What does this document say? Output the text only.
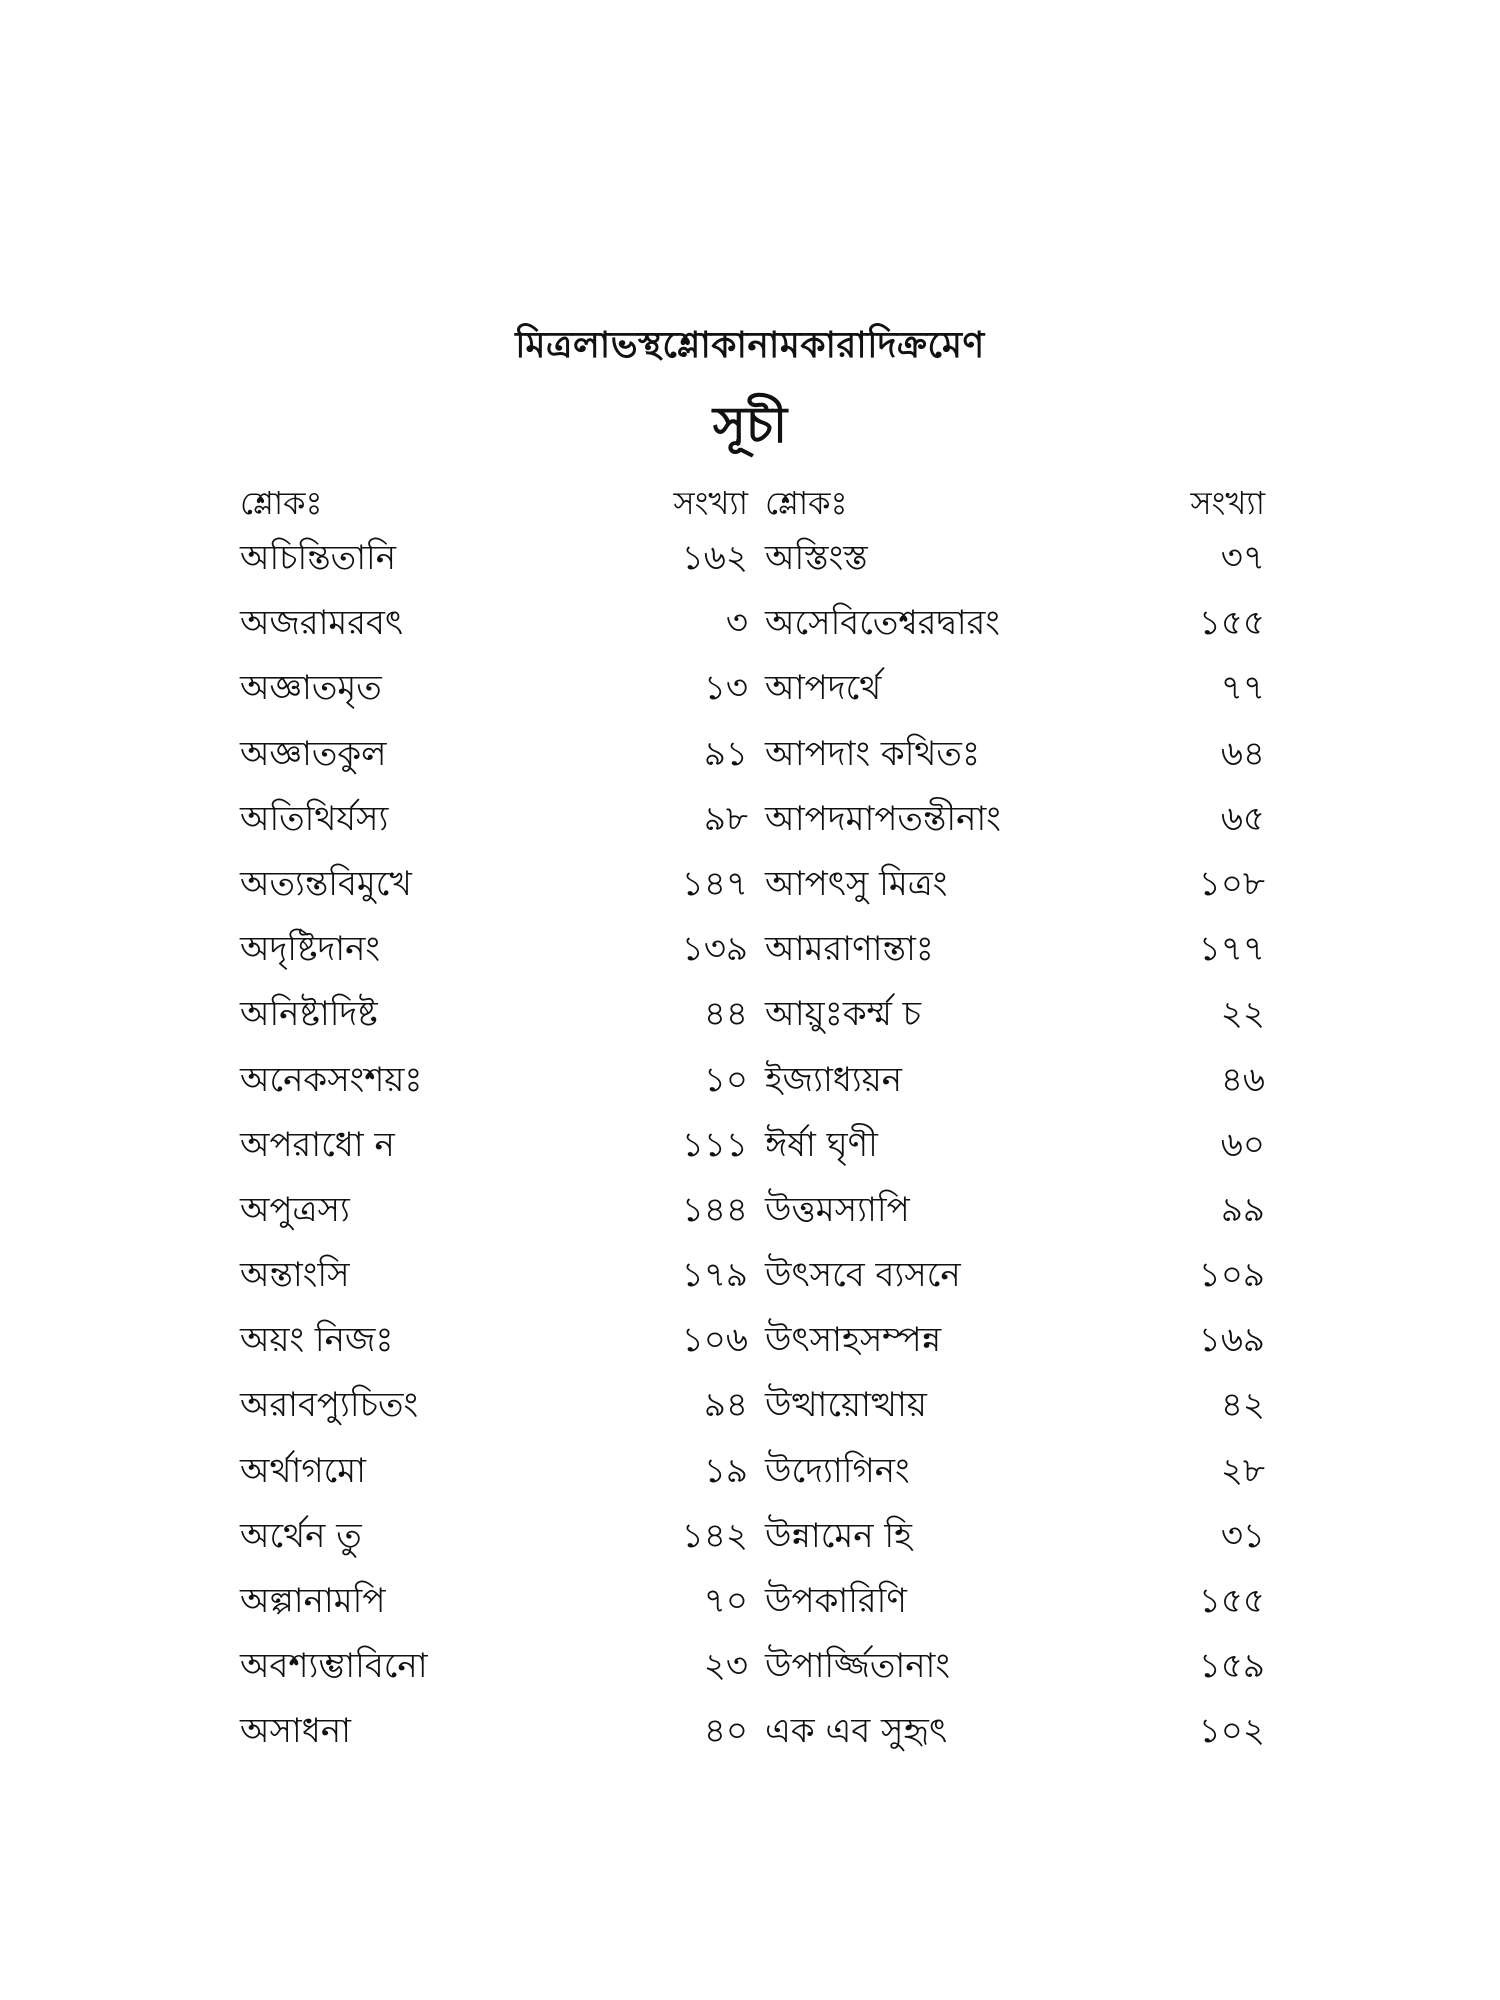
মিত্রলাভস্থশ্লোকানামকারাদিক্রমেণ
সূচী
শ্লোকঃ	সংখ্যা
অচিন্তিতানি	১৬২
অজরামরবৎ	৩
অজ্ঞাতমৃত	১৩
অজ্ঞাতকুল	৯১
অতিথির্যস্য	৯৮
অত্যন্তবিমুখে	১৪৭
অদৃষ্টিদানং	১৩৯
অনিষ্টাদিষ্ট	৪৪
অনেকসংশয়ঃ	১০
অপরাধো ন	১১১
অপুত্রস্য	১৪৪
অন্তাংসি	১৭৯
অয়ং নিজঃ	১০৬
অরাবপ্যুচিতং	৯৪
অর্থাগমো	১৯
অর্থেন তু	১৪২
অল্পানামপি	৭০
অবশ্যম্ভাবিনো	২৩
অসাধনা	৪০
শ্লোকঃ	সংখ্যা
অস্তিংস্ত	৩৭
অসেবিতেশ্বরদ্বারং	১৫৫
আপদর্থে	৭৭
আপদাং কথিতঃ	৬৪
আপদমাপতন্তীনাং	৬৫
আপৎসু মিত্রং	১০৮
আমরাণান্তাঃ	১৭৭
আয়ুঃকর্ম্ম চ	২২
ইজ্যাধ্যয়ন	৪৬
ঈর্ষা ঘৃণী	৬০
উত্তমস্যাপি	৯৯
উৎসবে ব্যসনে	১০৯
উৎসাহসম্পন্ন	১৬৯
উত্থায়োত্থায়	৪২
উদ্যোগিনং	২৮
উন্নামেন হি	৩১
উপকারিণি	১৫৫
উপার্জ্জিতানাং	১৫৯
এক এব সুহৃৎ	১০২
